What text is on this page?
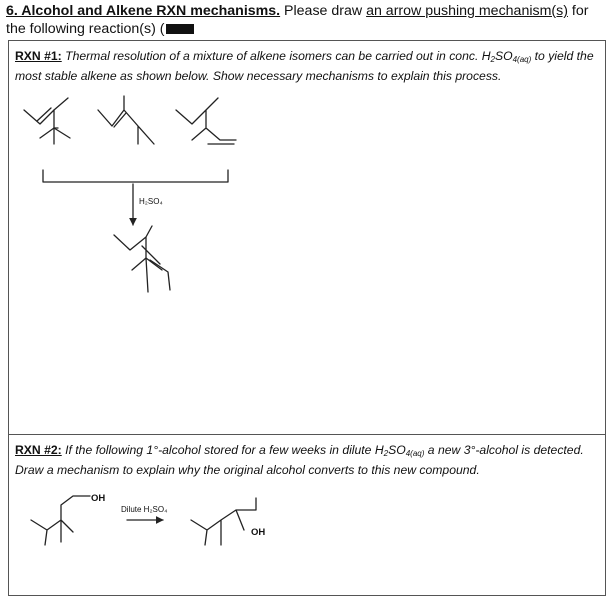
6. Alcohol and Alkene RXN mechanisms. Please draw an arrow pushing mechanism(s) for the following reaction(s) (
RXN #1: Thermal resolution of a mixture of alkene isomers can be carried out in conc. $H_2SO_{4(aq)}$ to yield the most stable alkene as shown below. Show necessary mechanisms to explain this process.
RXN #2: If the following 1°-alcohol stored for a few weeks in dilute $H_2SO_{4(aq)}$ a new 3°-alcohol is detected. Draw a mechanism to explain why the original alcohol converts to this new compound.
H₂SO₄
OH
Dilute H₂SO₄
OH
